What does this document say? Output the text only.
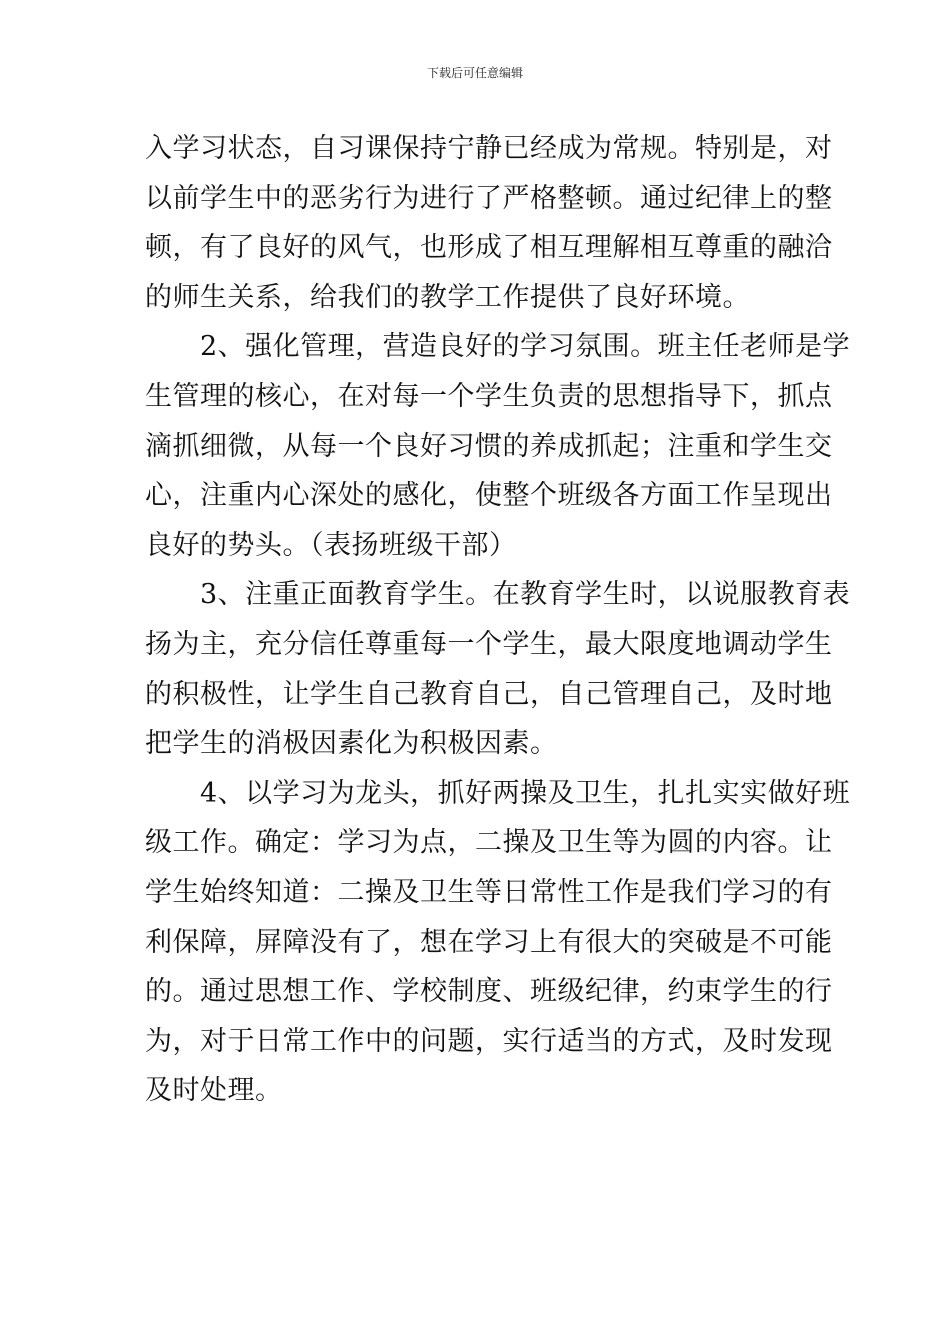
下载后可任意编辑
入学习状态，自习课保持宁静已经成为常规。特别是，对
以前学生中的恶劣行为进行了严格整顿。通过纪律上的整
顿，有了良好的风气，也形成了相互理解相互尊重的融洽
的师生关系，给我们的教学工作提供了良好环境。
　　2、强化管理，营造良好的学习氛围。班主任老师是学
生管理的核心，在对每一个学生负责的思想指导下，抓点
滴抓细微，从每一个良好习惯的养成抓起；注重和学生交
心，注重内心深处的感化，使整个班级各方面工作呈现出
良好的势头。（表扬班级干部）
　　3、注重正面教育学生。在教育学生时，以说服教育表
扬为主，充分信任尊重每一个学生，最大限度地调动学生
的积极性，让学生自己教育自己，自己管理自己，及时地
把学生的消极因素化为积极因素。
　　4、以学习为龙头，抓好两操及卫生，扎扎实实做好班
级工作。确定：学习为点，二操及卫生等为圆的内容。让
学生始终知道：二操及卫生等日常性工作是我们学习的有
利保障，屏障没有了，想在学习上有很大的突破是不可能
的。通过思想工作、学校制度、班级纪律，约束学生的行
为，对于日常工作中的问题，实行适当的方式，及时发现
及时处理。
